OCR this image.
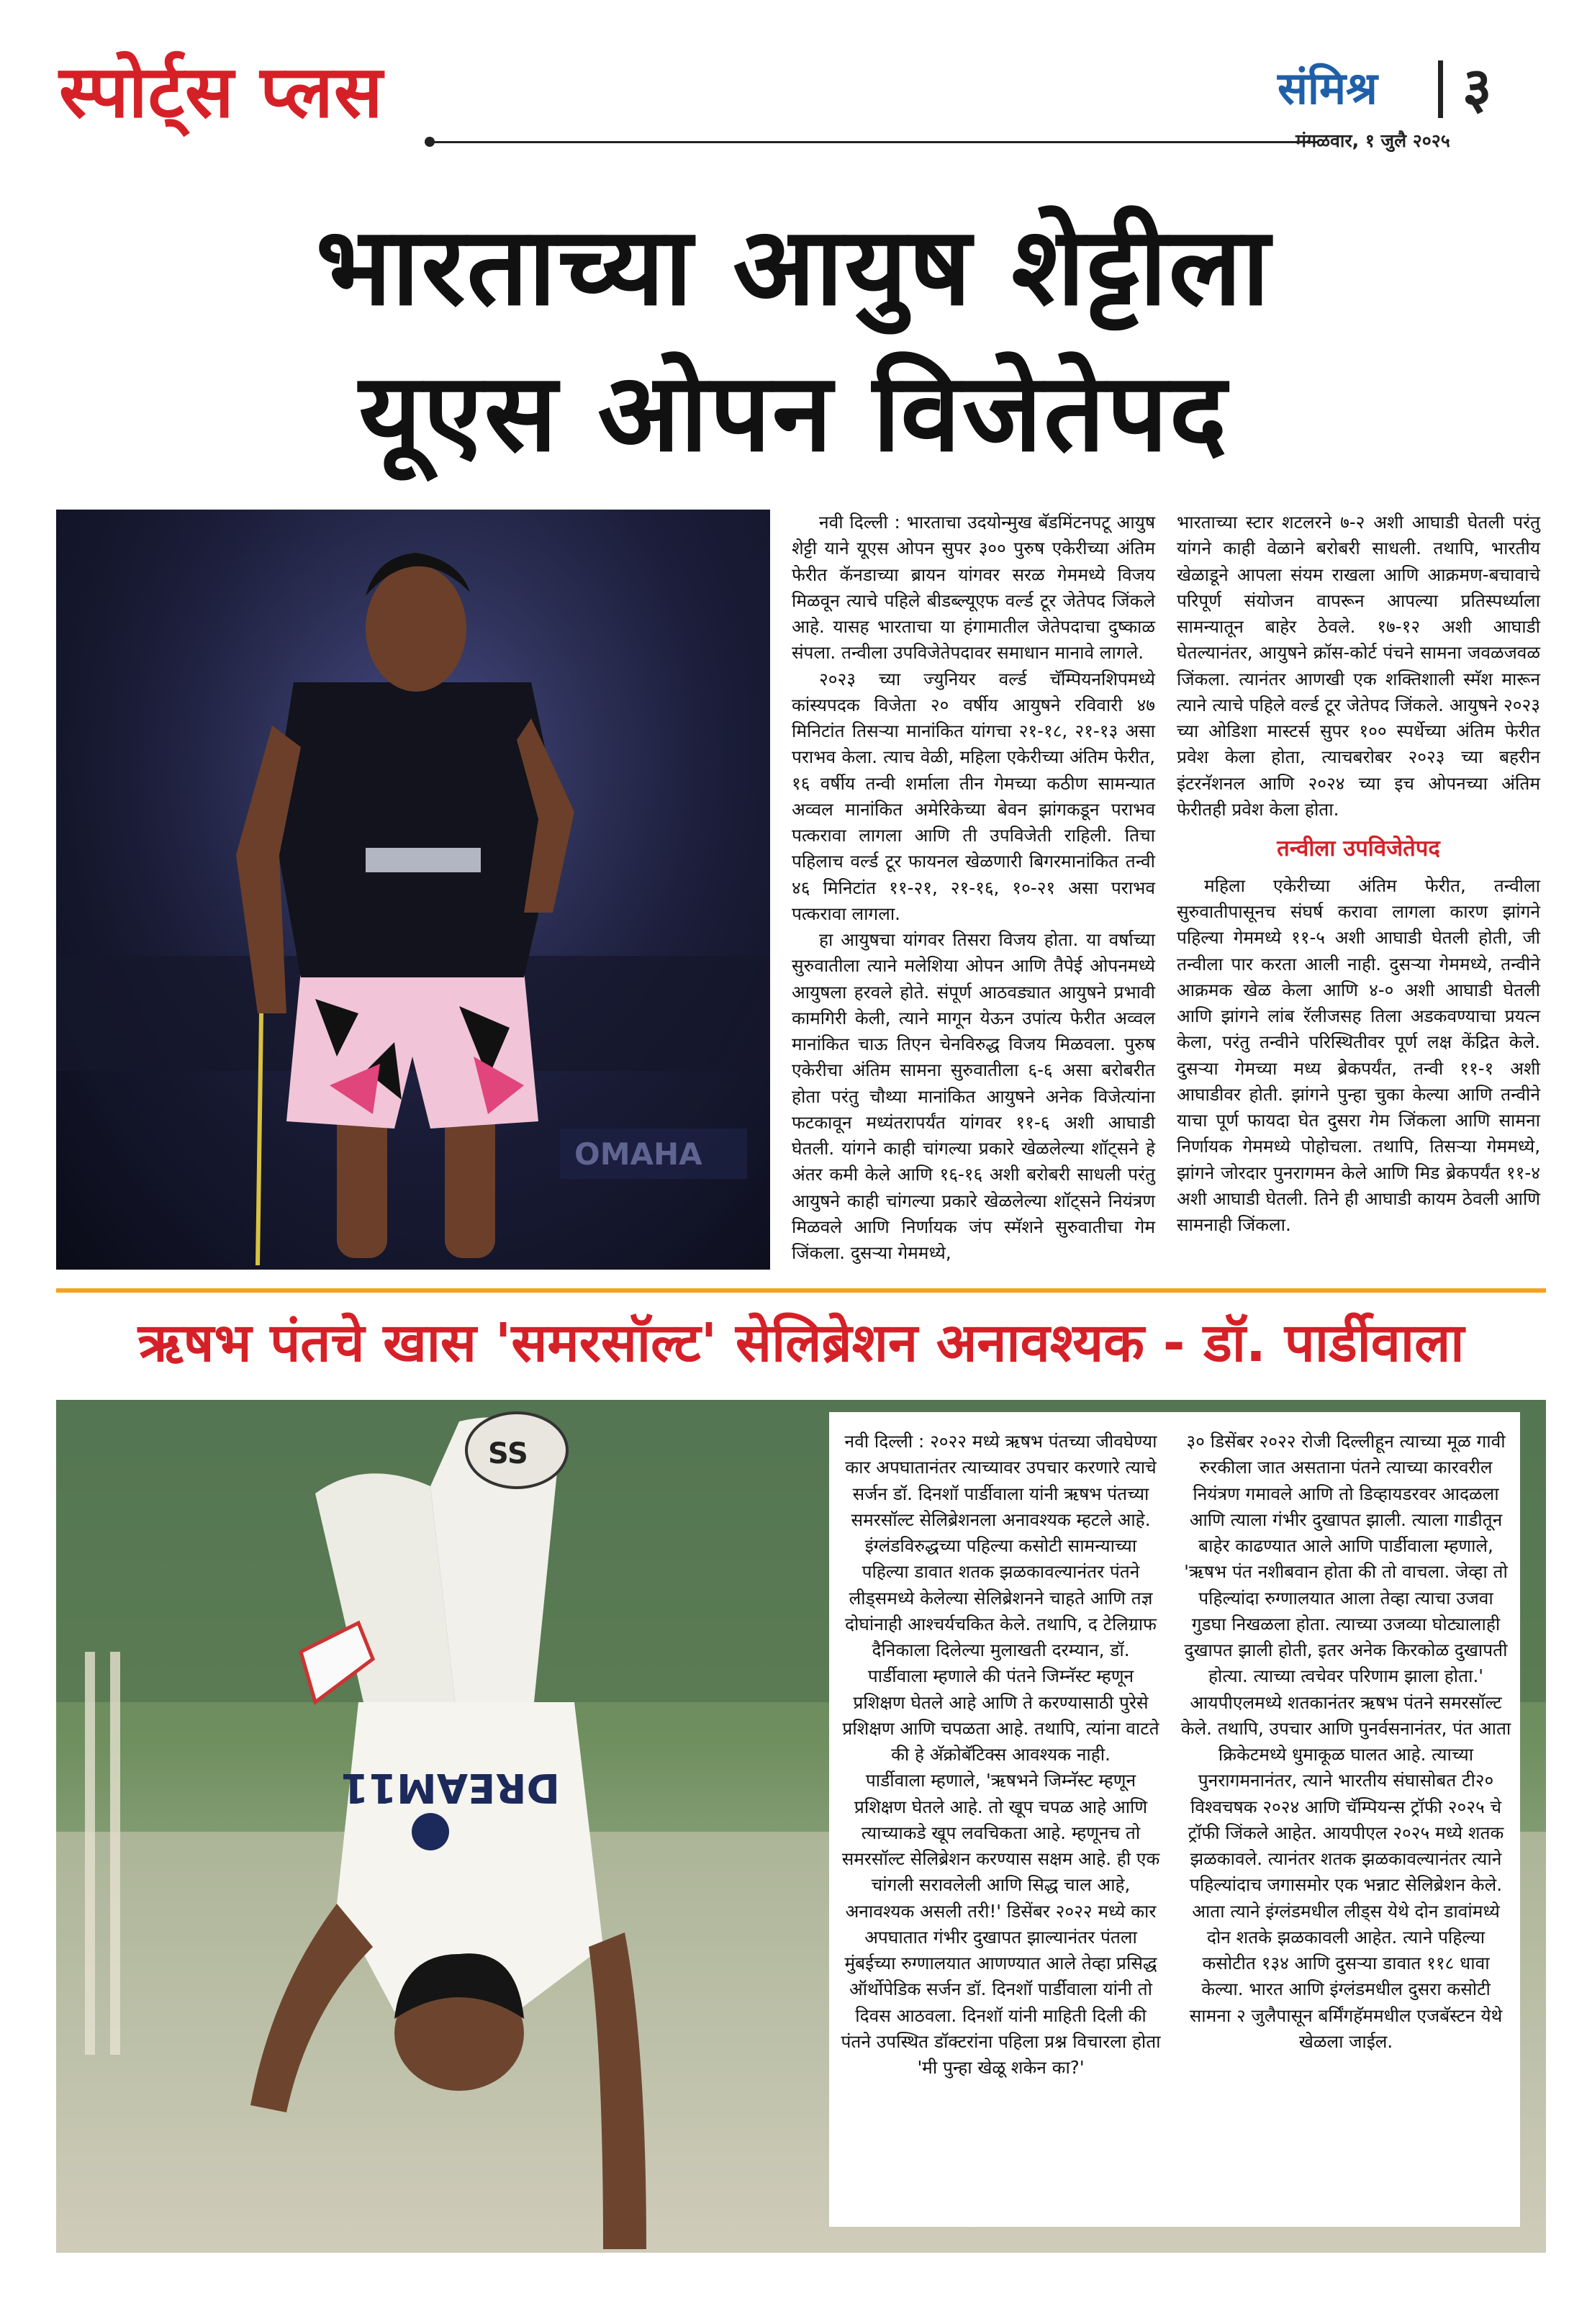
स्पोर्ट्स प्लस	संमिश्र ३
मंगळवार, १ जुलै २०२५
भारताच्या आयुष शेट्टीला
यूएस ओपन विजेतेपद
OMAHA

नवी दिल्ली : भारताचा उदयोन्मुख बॅडमिंटनपटू आयुष शेट्टी याने यूएस ओपन सुपर ३०० पुरुष एकेरीच्या अंतिम फेरीत कॅनडाच्या ब्रायन यांगवर सरळ गेममध्ये विजय मिळवून त्याचे पहिले बीडब्ल्यूएफ वर्ल्ड टूर जेतेपद जिंकले आहे. यासह भारताचा या हंगामातील जेतेपदाचा दुष्काळ संपला. तन्वीला उपविजेतेपदावर समाधान मानावे लागले.

२०२३ च्या ज्युनियर वर्ल्ड चॅम्पियनशिपमध्ये कांस्यपदक विजेता २० वर्षीय आयुषने रविवारी ४७ मिनिटांत तिसऱ्या मानांकित यांगचा २१-१८, २१-१३ असा पराभव केला. त्याच वेळी, महिला एकेरीच्या अंतिम फेरीत, १६ वर्षीय तन्वी शर्माला तीन गेमच्या कठीण सामन्यात अव्वल मानांकित अमेरिकेच्या बेवन झांगकडून पराभव पत्करावा लागला आणि ती उपविजेती राहिली. तिचा पहिलाच वर्ल्ड टूर फायनल खेळणारी बिगरमानांकित तन्वी ४६ मिनिटांत ११-२१, २१-१६, १०-२१ असा पराभव पत्करावा लागला.

हा आयुषचा यांगवर तिसरा विजय होता. या वर्षाच्या सुरुवातीला त्याने मलेशिया ओपन आणि तैपेई ओपनमध्ये आयुषला हरवले होते. संपूर्ण आठवड्यात आयुषने प्रभावी कामगिरी केली, त्याने मागून येऊन उपांत्य फेरीत अव्वल मानांकित चाऊ तिएन चेनविरुद्ध विजय मिळवला. पुरुष एकेरीचा अंतिम सामना सुरुवातीला ६-६ असा बरोबरीत होता परंतु चौथ्या मानांकित आयुषने अनेक विजेत्यांना फटकावून मध्यंतरापर्यंत यांगवर ११-६ अशी आघाडी घेतली. यांगने काही चांगल्या प्रकारे खेळलेल्या शॉट्सने हे अंतर कमी केले आणि १६-१६ अशी बरोबरी साधली परंतु आयुषने काही चांगल्या प्रकारे खेळलेल्या शॉट्सने नियंत्रण मिळवले आणि निर्णायक जंप स्मॅशने सुरुवातीचा गेम जिंकला. दुसऱ्या गेममध्ये,

भारताच्या स्टार शटलरने ७-२ अशी आघाडी घेतली परंतु यांगने काही वेळाने बरोबरी साधली. तथापि, भारतीय खेळाडूने आपला संयम राखला आणि आक्रमण-बचावाचे परिपूर्ण संयोजन वापरून आपल्या प्रतिस्पर्ध्याला सामन्यातून बाहेर ठेवले. १७-१२ अशी आघाडी घेतल्यानंतर, आयुषने क्रॉस-कोर्ट पंचने सामना जवळजवळ जिंकला. त्यानंतर आणखी एक शक्तिशाली स्मॅश मारून त्याने त्याचे पहिले वर्ल्ड टूर जेतेपद जिंकले. आयुषने २०२३ च्या ओडिशा मास्टर्स सुपर १०० स्पर्धेच्या अंतिम फेरीत प्रवेश केला होता, त्याचबरोबर २०२३ च्या बहरीन इंटरनॅशनल आणि २०२४ च्या इच ओपनच्या अंतिम फेरीतही प्रवेश केला होता.

तन्वीला उपविजेतेपद

महिला एकेरीच्या अंतिम फेरीत, तन्वीला सुरुवातीपासूनच संघर्ष करावा लागला कारण झांगने पहिल्या गेममध्ये ११-५ अशी आघाडी घेतली होती, जी तन्वीला पार करता आली नाही. दुसऱ्या गेममध्ये, तन्वीने आक्रमक खेळ केला आणि ४-० अशी आघाडी घेतली आणि झांगने लांब रॅलीजसह तिला अडकवण्याचा प्रयत्न केला, परंतु तन्वीने परिस्थितीवर पूर्ण लक्ष केंद्रित केले. दुसऱ्या गेमच्या मध्य ब्रेकपर्यंत, तन्वी ११-१ अशी आघाडीवर होती. झांगने पुन्हा चुका केल्या आणि तन्वीने याचा पूर्ण फायदा घेत दुसरा गेम जिंकला आणि सामना निर्णायक गेममध्ये पोहोचला. तथापि, तिसऱ्या गेममध्ये, झांगने जोरदार पुनरागमन केले आणि मिड ब्रेकपर्यंत ११-४ अशी आघाडी घेतली. तिने ही आघाडी कायम ठेवली आणि सामनाही जिंकला.

ऋषभ पंतचे खास 'समरसॉल्ट' सेलिब्रेशन अनावश्यक - डॉ. पार्डीवाला
SS
DREAM11

नवी दिल्ली : २०२२ मध्ये ऋषभ पंतच्या जीवघेण्या कार अपघातानंतर त्याच्यावर उपचार करणारे त्याचे सर्जन डॉ. दिनशॉ पार्डीवाला यांनी ऋषभ पंतच्या समरसॉल्ट सेलिब्रेशनला अनावश्यक म्हटले आहे.

इंग्लंडविरुद्धच्या पहिल्या कसोटी सामन्याच्या पहिल्या डावात शतक झळकावल्यानंतर पंतने लीड्समध्ये केलेल्या सेलिब्रेशनने चाहते आणि तज्ञ दोघांनाही आश्चर्यचकित केले. तथापि, द टेलिग्राफ दैनिकाला दिलेल्या मुलाखती दरम्यान, डॉ. पार्डीवाला म्हणाले की पंतने जिम्नॅस्ट म्हणून प्रशिक्षण घेतले आहे आणि ते करण्यासाठी पुरेसे प्रशिक्षण आणि चपळता आहे. तथापि, त्यांना वाटते की हे अ‍ॅक्रोबॅटिक्स आवश्यक नाही.

पार्डीवाला म्हणाले, 'ऋषभने जिम्नॅस्ट म्हणून प्रशिक्षण घेतले आहे. तो खूप चपळ आहे आणि त्याच्याकडे खूप लवचिकता आहे. म्हणूनच तो समरसॉल्ट सेलिब्रेशन करण्यास सक्षम आहे. ही एक चांगली सरावलेली आणि सिद्ध चाल आहे, अनावश्यक असली तरी!' डिसेंबर २०२२ मध्ये कार अपघातात गंभीर दुखापत झाल्यानंतर पंतला मुंबईच्या रुग्णालयात आणण्यात आले तेव्हा प्रसिद्ध ऑर्थोपेडिक सर्जन डॉ. दिनशॉ पार्डीवाला यांनी तो दिवस आठवला. दिनशॉ यांनी माहिती दिली की पंतने उपस्थित डॉक्टरांना पहिला प्रश्न विचारला होता 'मी पुन्हा खेळू शकेन का?'

३० डिसेंबर २०२२ रोजी दिल्लीहून त्याच्या मूळ गावी रुरकीला जात असताना पंतने त्याच्या कारवरील नियंत्रण गमावले आणि तो डिव्हायडरवर आदळला आणि त्याला गंभीर दुखापत झाली. त्याला गाडीतून बाहेर काढण्यात आले आणि पार्डीवाला म्हणाले, 'ऋषभ पंत नशीबवान होता की तो वाचला. जेव्हा तो पहिल्यांदा रुग्णालयात आला तेव्हा त्याचा उजवा गुडघा निखळला होता. त्याच्या उजव्या घोट्यालाही दुखापत झाली होती, इतर अनेक किरकोळ दुखापती होत्या. त्याच्या त्वचेवर परिणाम झाला होता.'

आयपीएलमध्ये शतकानंतर ऋषभ पंतने समरसॉल्ट केले. तथापि, उपचार आणि पुनर्वसनानंतर, पंत आता क्रिकेटमध्ये धुमाकूळ घालत आहे. त्याच्या पुनरागमनानंतर, त्याने भारतीय संघासोबत टी२० विश्वचषक २०२४ आणि चॅम्पियन्स ट्रॉफी २०२५ चे ट्रॉफी जिंकले आहेत. आयपीएल २०२५ मध्ये शतक झळकावले. त्यानंतर शतक झळकावल्यानंतर त्याने पहिल्यांदाच जगासमोर एक भन्नाट सेलिब्रेशन केले. आता त्याने इंग्लंडमधील लीड्स येथे दोन डावांमध्ये दोन शतके झळकावली आहेत. त्याने पहिल्या कसोटीत १३४ आणि दुसऱ्या डावात ११८ धावा केल्या. भारत आणि इंग्लंडमधील दुसरा कसोटी सामना २ जुलैपासून बर्मिंगहॅममधील एजबॅस्टन येथे खेळला जाईल.
